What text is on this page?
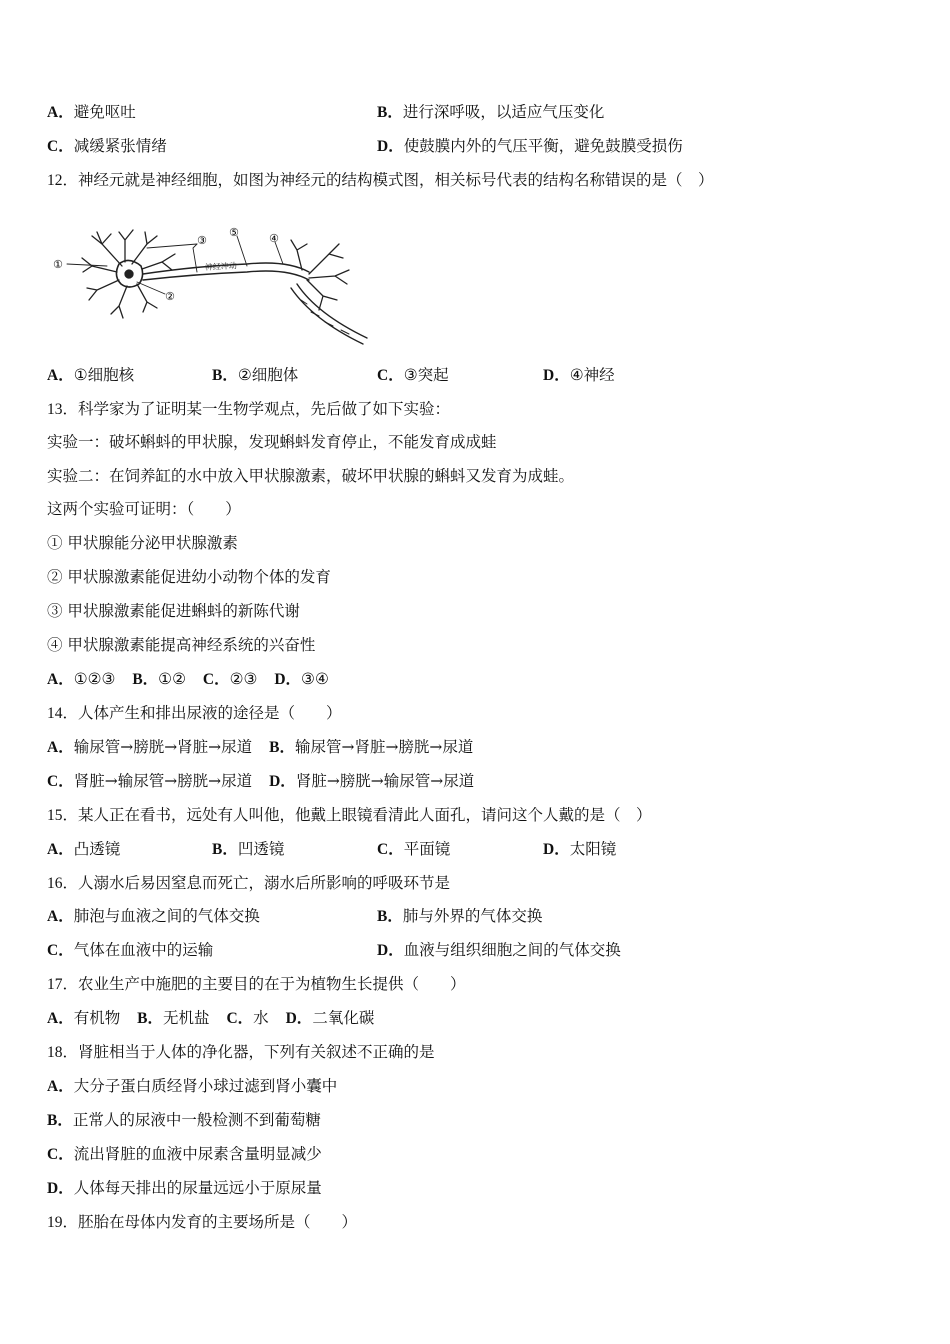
A．避免呕吐	B．进行深呼吸，以适应气压变化
C．减缓紧张情绪	D．使鼓膜内外的气压平衡，避免鼓膜受损伤
12．神经元就是神经细胞，如图为神经元的结构模式图，相关标号代表的结构名称错误的是（　）
①
②
③	④
⑤
神经冲动
A．①细胞核	B．②细胞体	C．③突起	D．④神经
13．科学家为了证明某一生物学观点，先后做了如下实验：
实验一：破坏蝌蚪的甲状腺，发现蝌蚪发育停止，不能发育成成蛙
实验二：在饲养缸的水中放入甲状腺激素，破坏甲状腺的蝌蚪又发育为成蛙。
这两个实验可证明：（　　）
① 甲状腺能分泌甲状腺激素
② 甲状腺激素能促进幼小动物个体的发育
③ 甲状腺激素能促进蝌蚪的新陈代谢
④ 甲状腺激素能提高神经系统的兴奋性
A．①②③ B．①② C．②③ D．③④
14．人体产生和排出尿液的途径是（　　）
A．输尿管→膀胱→肾脏→尿道 B．输尿管→肾脏→膀胱→尿道
C．肾脏→输尿管→膀胱→尿道 D．肾脏→膀胱→输尿管→尿道
15．某人正在看书，远处有人叫他，他戴上眼镜看清此人面孔，请问这个人戴的是（　）
A．凸透镜	B．凹透镜	C．平面镜	D．太阳镜
16．人溺水后易因窒息而死亡，溺水后所影响的呼吸环节是
A．肺泡与血液之间的气体交换	B．肺与外界的气体交换
C．气体在血液中的运输	D．血液与组织细胞之间的气体交换
17．农业生产中施肥的主要目的在于为植物生长提供（　　）
A．有机物 B．无机盐 C．水 D．二氧化碳
18．肾脏相当于人体的净化器，下列有关叙述不正确的是
A．大分子蛋白质经肾小球过滤到肾小囊中
B．正常人的尿液中一般检测不到葡萄糖
C．流出肾脏的血液中尿素含量明显减少
D．人体每天排出的尿量远远小于原尿量
19．胚胎在母体内发育的主要场所是（　　）
